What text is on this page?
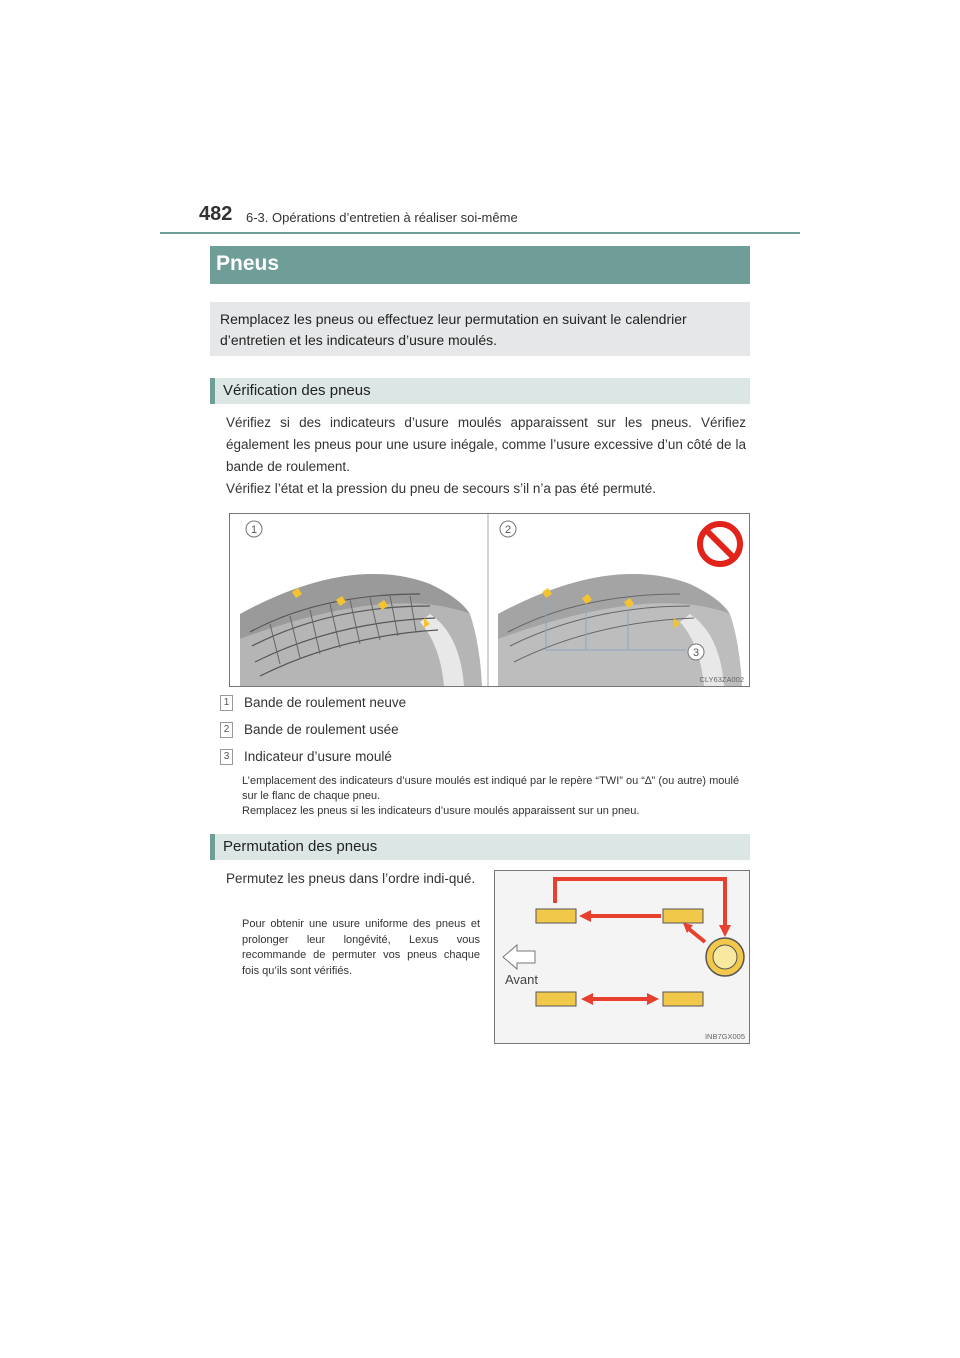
482 6-3. Opérations d’entretien à réaliser soi-même
Pneus

Remplacez les pneus ou effectuez leur permutation en suivant le calendrier d’entretien et les indicateurs d’usure moulés.

Vérification des pneus

Vérifiez si des indicateurs d’usure moulés apparaissent sur les pneus. Vérifiez également les pneus pour une usure inégale, comme l’usure excessive d’un côté de la bande de roulement.

Vérifiez l’état et la pression du pneu de secours s’il n’a pas été permuté.

1	2
3
CLY63ZA002
1 Bande de roulement neuve
2 Bande de roulement usée
3 Indicateur d’usure moulé

L’emplacement des indicateurs d’usure moulés est indiqué par le repère “TWI” ou “∆” (ou autre) moulé sur le flanc de chaque pneu.

Remplacez les pneus si les indicateurs d’usure moulés apparaissent sur un pneu.

Permutation des pneus
Permutez les pneus dans l’ordre indi-qué.
Pour obtenir une usure uniforme des pneus et prolonger leur longévité, Lexus vous recommande de permuter vos pneus chaque fois qu’ils sont vérifiés.
Avant
INB7GX005
